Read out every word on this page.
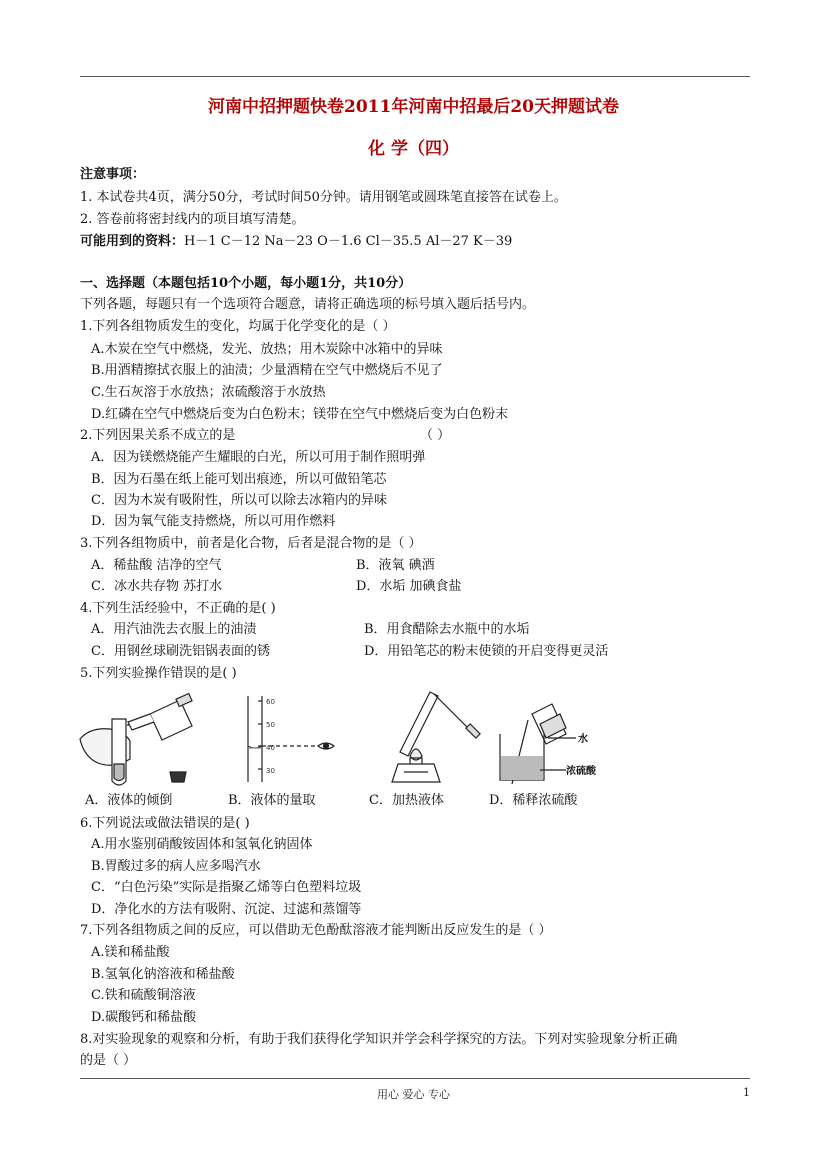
河南中招押题快卷2011年河南中招最后20天押题试卷
化 学（四）
注意事项：
1. 本试卷共4页，满分50分，考试时间50分钟。请用钢笔或圆珠笔直接答在试卷上。
2. 答卷前将密封线内的项目填写清楚。
可能用到的资料：H－1 C－12 Na－23 O－1.6 Cl－35.5 Al－27 K－39
一、选择题（本题包括10个小题，每小题1分，共10分）
下列各题，每题只有一个选项符合题意，请将正确选项的标号填入题后括号内。
1.下列各组物质发生的变化，均属于化学变化的是（ ）
A.木炭在空气中燃烧，发光、放热；用木炭除中冰箱中的异味
B.用酒精擦拭衣服上的油渍；少量酒精在空气中燃烧后不见了
C.生石灰溶于水放热；浓硫酸溶于水放热
D.红磷在空气中燃烧后变为白色粉末；镁带在空气中燃烧后变为白色粉末
2.下列因果关系不成立的是	（ ）
A．因为镁燃烧能产生耀眼的白光，所以可用于制作照明弹
B．因为石墨在纸上能可划出痕迹，所以可做铅笔芯
C．因为木炭有吸附性，所以可以除去冰箱内的异味
D．因为氧气能支持燃烧，所以可用作燃料
3.下列各组物质中，前者是化合物，后者是混合物的是（ ）
A．稀盐酸 洁净的空气	B．液氧 碘酒
C．冰水共存物 苏打水	D．水垢 加碘食盐
4.下列生活经验中，不正确的是( )
A．用汽油洗去衣服上的油渍	B．用食醋除去水瓶中的水垢
C．用钢丝球刷洗铝锅表面的锈	D．用铅笔芯的粉末使锁的开启变得更灵活
5.下列实验操作错误的是( )
60
50
40
30
水
浓硫酸
A．液体的倾倒	B．液体的量取	C．加热液体	D．稀释浓硫酸
6.下列说法或做法错误的是( )
A.用水鉴别硝酸铵固体和氢氧化钠固体
B.胃酸过多的病人应多喝汽水
C．“白色污染”实际是指聚乙烯等白色塑料垃圾
D．净化水的方法有吸附、沉淀、过滤和蒸馏等
7.下列各组物质之间的反应，可以借助无色酚酞溶液才能判断出反应发生的是（ ）
A.镁和稀盐酸
B.氢氧化钠溶液和稀盐酸
C.铁和硫酸铜溶液
D.碳酸钙和稀盐酸
8.对实验现象的观察和分析，有助于我们获得化学知识并学会科学探究的方法。下列对实验现象分析正确
的是（ ）
用心 爱心 专心	1
